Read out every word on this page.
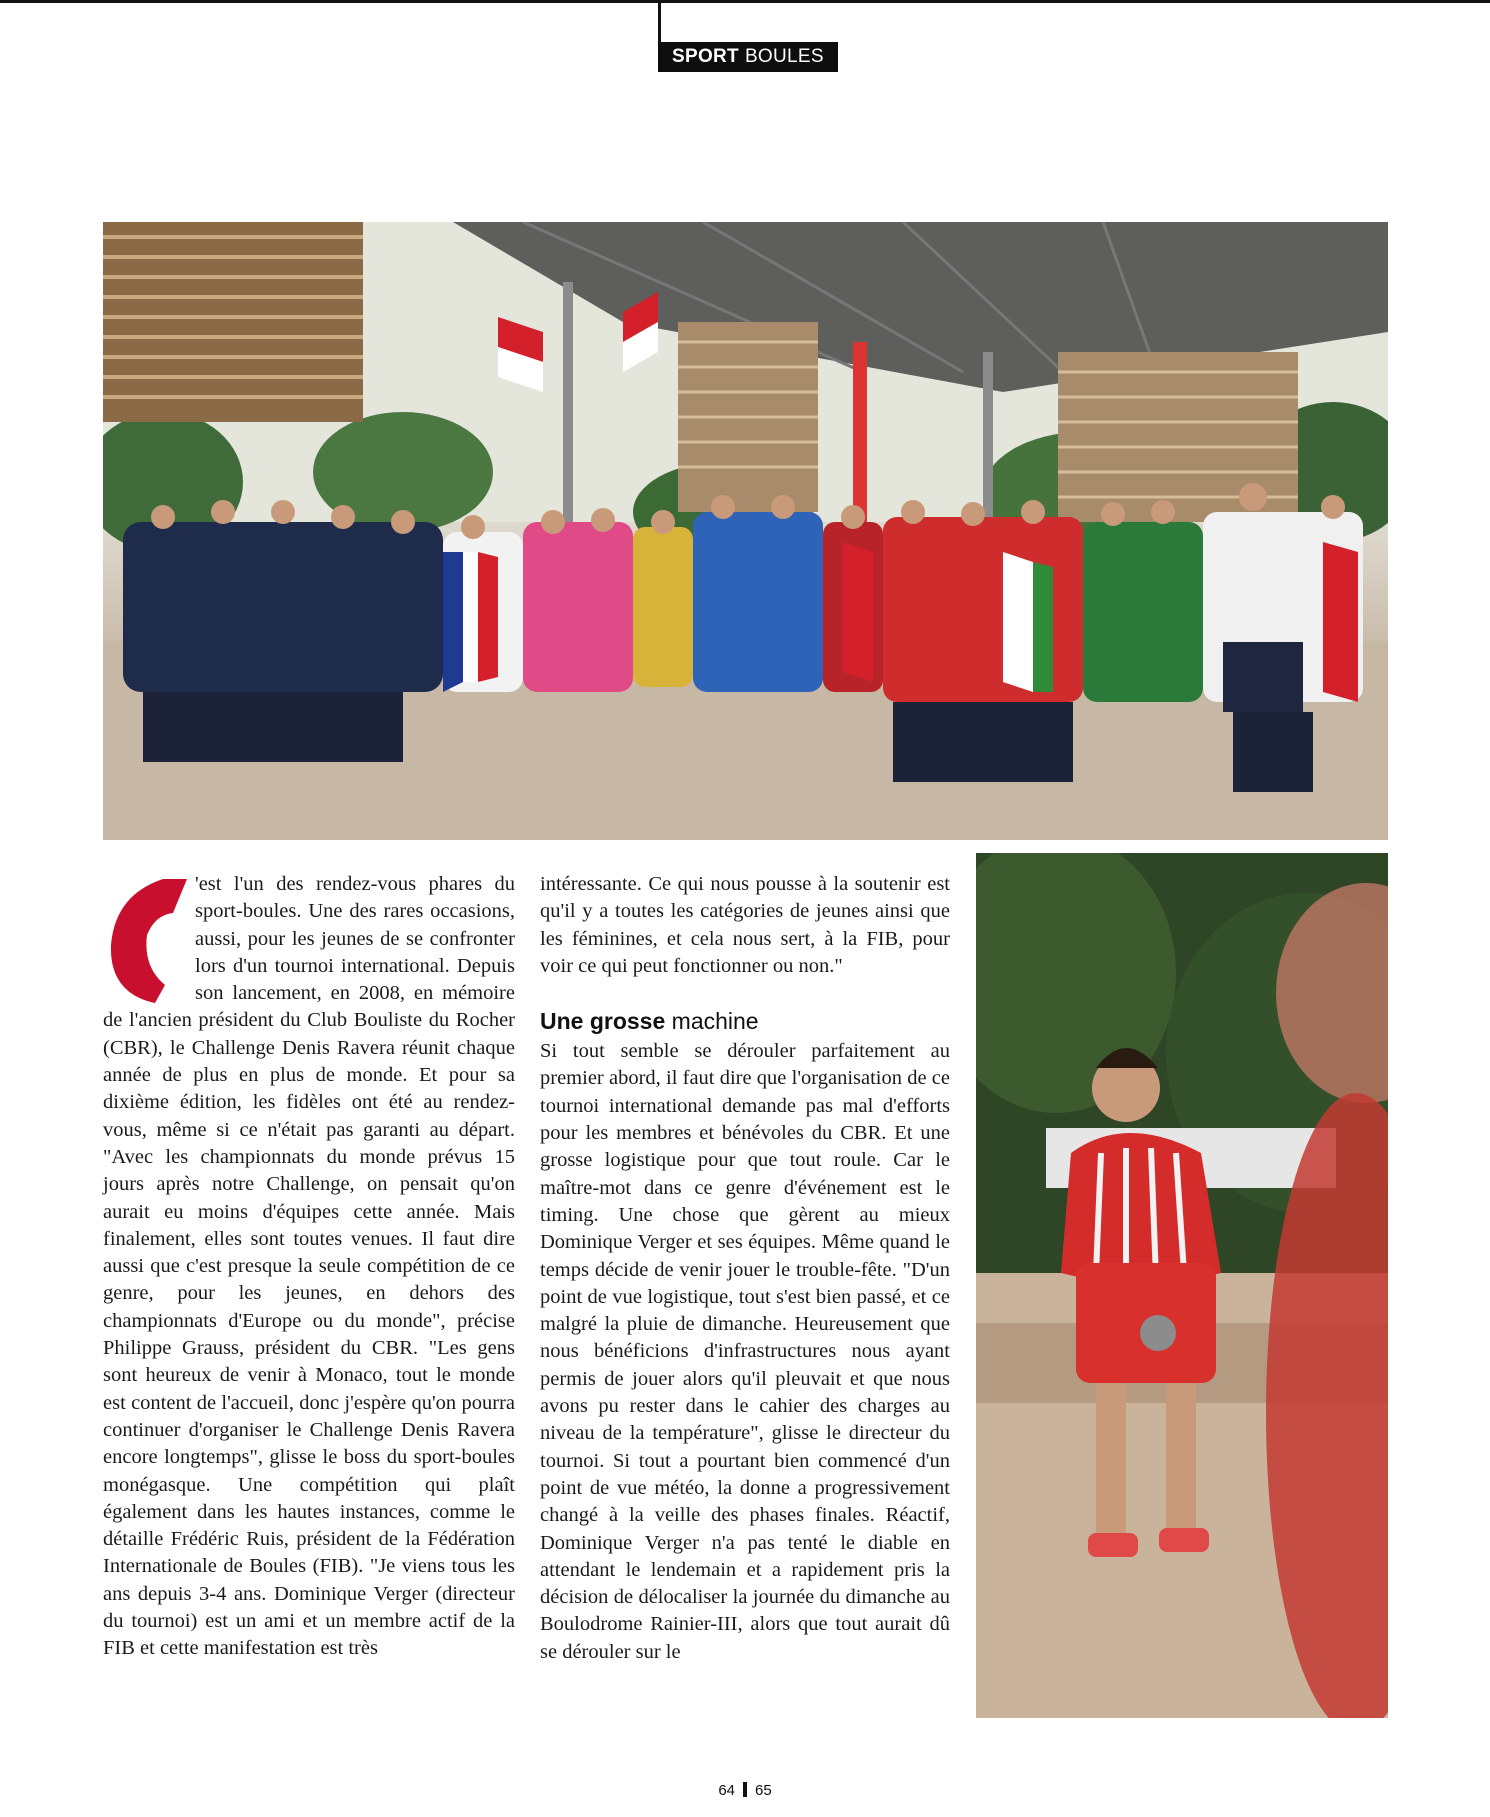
SPORT BOULES

'est l'un des rendez-vous phares du sport-boules. Une des rares occasions, aussi, pour les jeunes de se confronter lors d'un tournoi international. Depuis son lancement, en 2008, en mémoire de l'ancien président du Club Bouliste du Rocher (CBR), le Challenge Denis Ravera réunit chaque année de plus en plus de monde. Et pour sa dixième édition, les fidèles ont été au rendez-vous, même si ce n'était pas garanti au départ. "Avec les championnats du monde prévus 15 jours après notre Challenge, on pensait qu'on aurait eu moins d'équipes cette année. Mais finalement, elles sont toutes venues. Il faut dire aussi que c'est presque la seule compétition de ce genre, pour les jeunes, en dehors des championnats d'Europe ou du monde", précise Philippe Grauss, président du CBR. "Les gens sont heureux de venir à Monaco, tout le monde est content de l'accueil, donc j'espère qu'on pourra continuer d'organiser le Challenge Denis Ravera encore longtemps", glisse le boss du sport-boules monégasque. Une compétition qui plaît également dans les hautes instances, comme le détaille Frédéric Ruis, président de la Fédération Internationale de Boules (FIB). "Je viens tous les ans depuis 3-4 ans. Dominique Verger (directeur du tournoi) est un ami et un membre actif de la FIB et cette manifestation est très

intéressante. Ce qui nous pousse à la soutenir est qu'il y a toutes les catégories de jeunes ainsi que les féminines, et cela nous sert, à la FIB, pour voir ce qui peut fonctionner ou non."

Une grosse machine

Si tout semble se dérouler parfaitement au premier abord, il faut dire que l'organisation de ce tournoi international demande pas mal d'efforts pour les membres et bénévoles du CBR. Et une grosse logistique pour que tout roule. Car le maître-mot dans ce genre d'événement est le timing. Une chose que gèrent au mieux Dominique Verger et ses équipes. Même quand le temps décide de venir jouer le trouble-fête. "D'un point de vue logistique, tout s'est bien passé, et ce malgré la pluie de dimanche. Heureusement que nous bénéficions d'infrastructures nous ayant permis de jouer alors qu'il pleuvait et que nous avons pu rester dans le cahier des charges au niveau de la température", glisse le directeur du tournoi. Si tout a pourtant bien commencé d'un point de vue météo, la donne a progressivement changé à la veille des phases finales. Réactif, Dominique Verger n'a pas tenté le diable en attendant le lendemain et a rapidement pris la décision de délocaliser la journée du dimanche au Boulodrome Rainier-III, alors que tout aurait dû se dérouler sur le

64 65
